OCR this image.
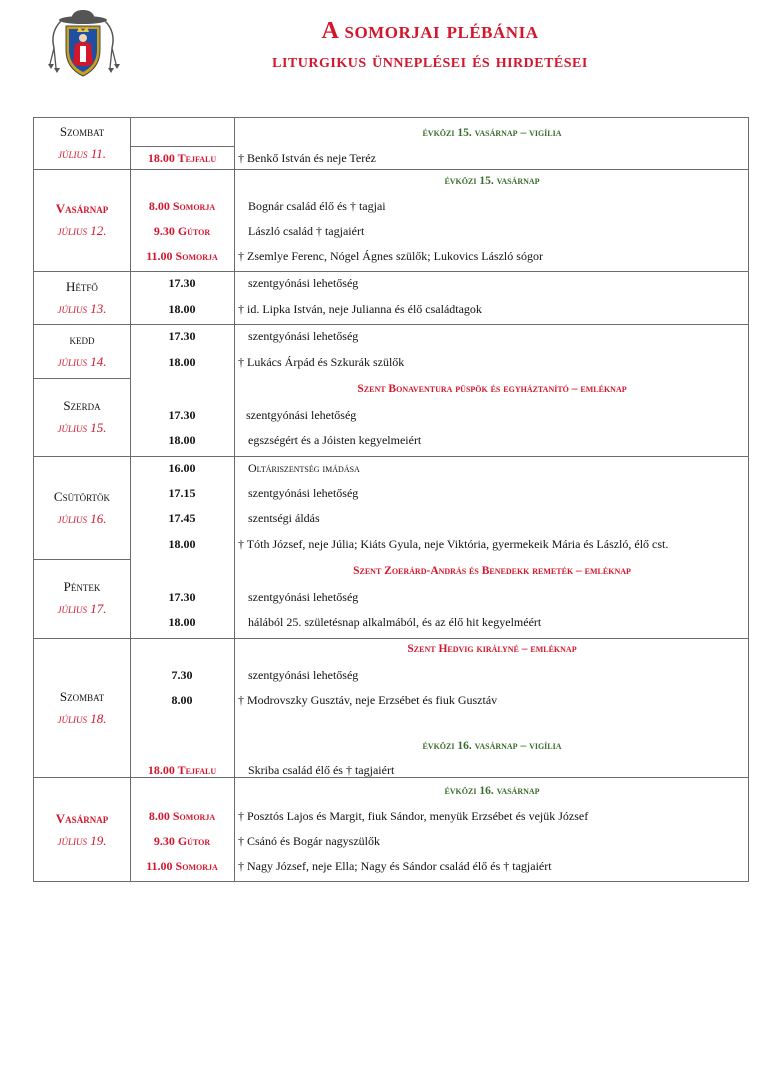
A somorjai plébánia
liturgikus ünneplései és hirdetései
Szombat
július 11.
Vasárnap
július 12.
Hétfő
július 13.
kedd
július 14.
Szerda
július 15.
Csütörtök
július 16.
Péntek
július 17.
Szombat
július 18.
Vasárnap
július 19.
évközi 15. vasárnap – vigília
évközi 15. vasárnap
Szent Bonaventura püspök és egyháztanító – emléknap
Szent Zoerárd-András és Benedekk remeték – emléknap
Szent Hedvig királyné – emléknap
évközi 16. vasárnap – vigília
évközi 16. vasárnap
18.00 Tejfalu
8.00 Somorja
9.30 Gútor
11.00 Somorja
17.30
18.00
17.30
18.00
17.30
18.00
16.00
17.15
17.45
18.00
17.30
18.00
7.30
8.00
18.00 Tejfalu
8.00 Somorja
9.30 Gútor
11.00 Somorja
† Benkő István és neje Teréz
Bognár család élő és † tagjai
László család † tagjaiért
† Zsemlye Ferenc, Nógel Ágnes szülők; Lukovics László sógor
szentgyónási lehetőség
† id. Lipka István, neje Julianna és élő családtagok
szentgyónási lehetőség
† Lukács Árpád és Szkurák szülők
szentgyónási lehetőség
egszségért és a Jóisten kegyelmeiért
Oltáriszentség imádása
szentgyónási lehetőség
szentségi áldás
† Tóth József, neje Júlia; Kiáts Gyula, neje Viktória, gyermekeik Mária és László, élő cst.
szentgyónási lehetőség
hálából 25. születésnap alkalmából, és az élő hit kegyelméért
szentgyónási lehetőség
† Modrovszky Gusztáv, neje Erzsébet és fiuk Gusztáv
Skriba család élő és † tagjaiért
† Posztós Lajos és Margit, fiuk Sándor, menyük Erzsébet és vejük József
† Csánó és Bogár nagyszülők
† Nagy József, neje Ella; Nagy és Sándor család élő és † tagjaiért
